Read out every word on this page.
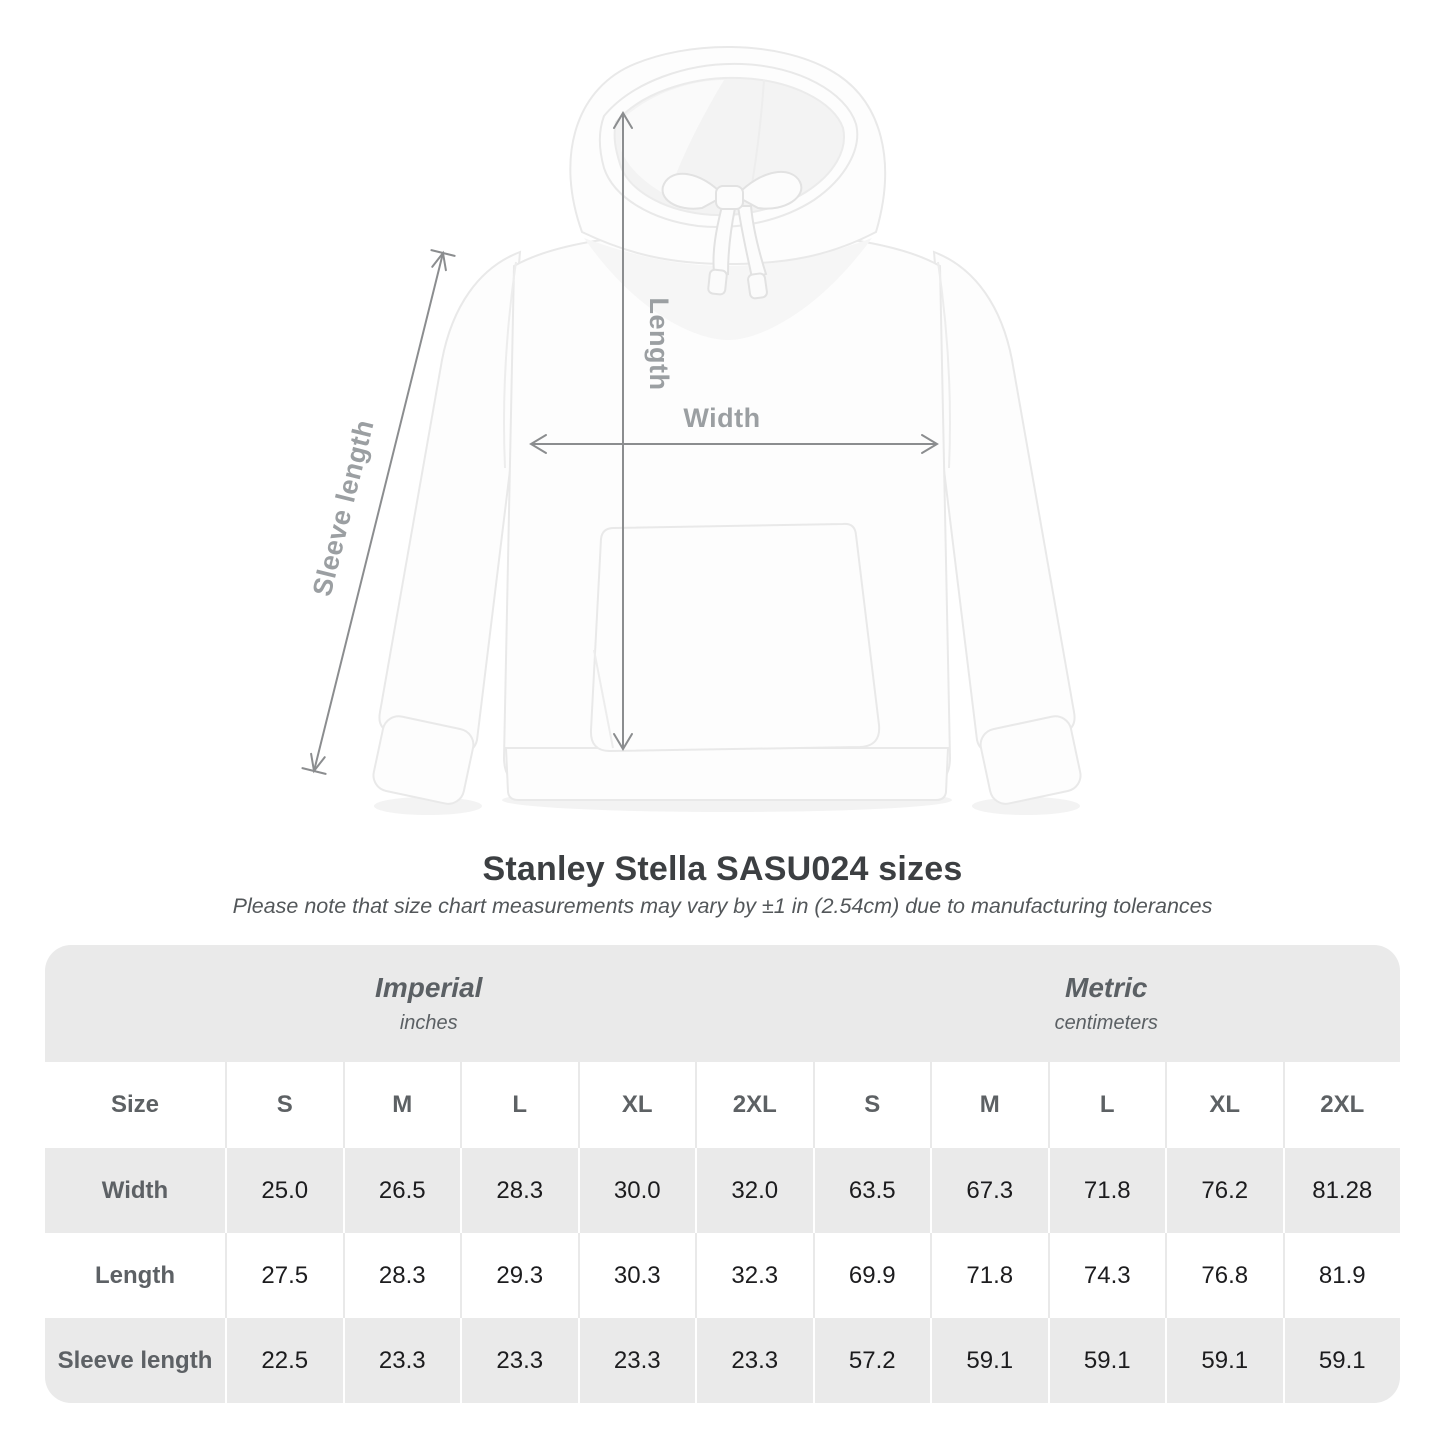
Length
Width
Sleeve length
Stanley Stella SASU024 sizes
Please note that size chart measurements may vary by ±1 in (2.54cm) due to manufacturing tolerances
Imperial
inches
Metric
centimeters
Size	S	M	L	XL	2XL	S	M	L	XL	2XL
Width	25.0	26.5	28.3	30.0	32.0	63.5	67.3	71.8	76.2	81.28
Length	27.5	28.3	29.3	30.3	32.3	69.9	71.8	74.3	76.8	81.9
Sleeve length	22.5	23.3	23.3	23.3	23.3	57.2	59.1	59.1	59.1	59.1
